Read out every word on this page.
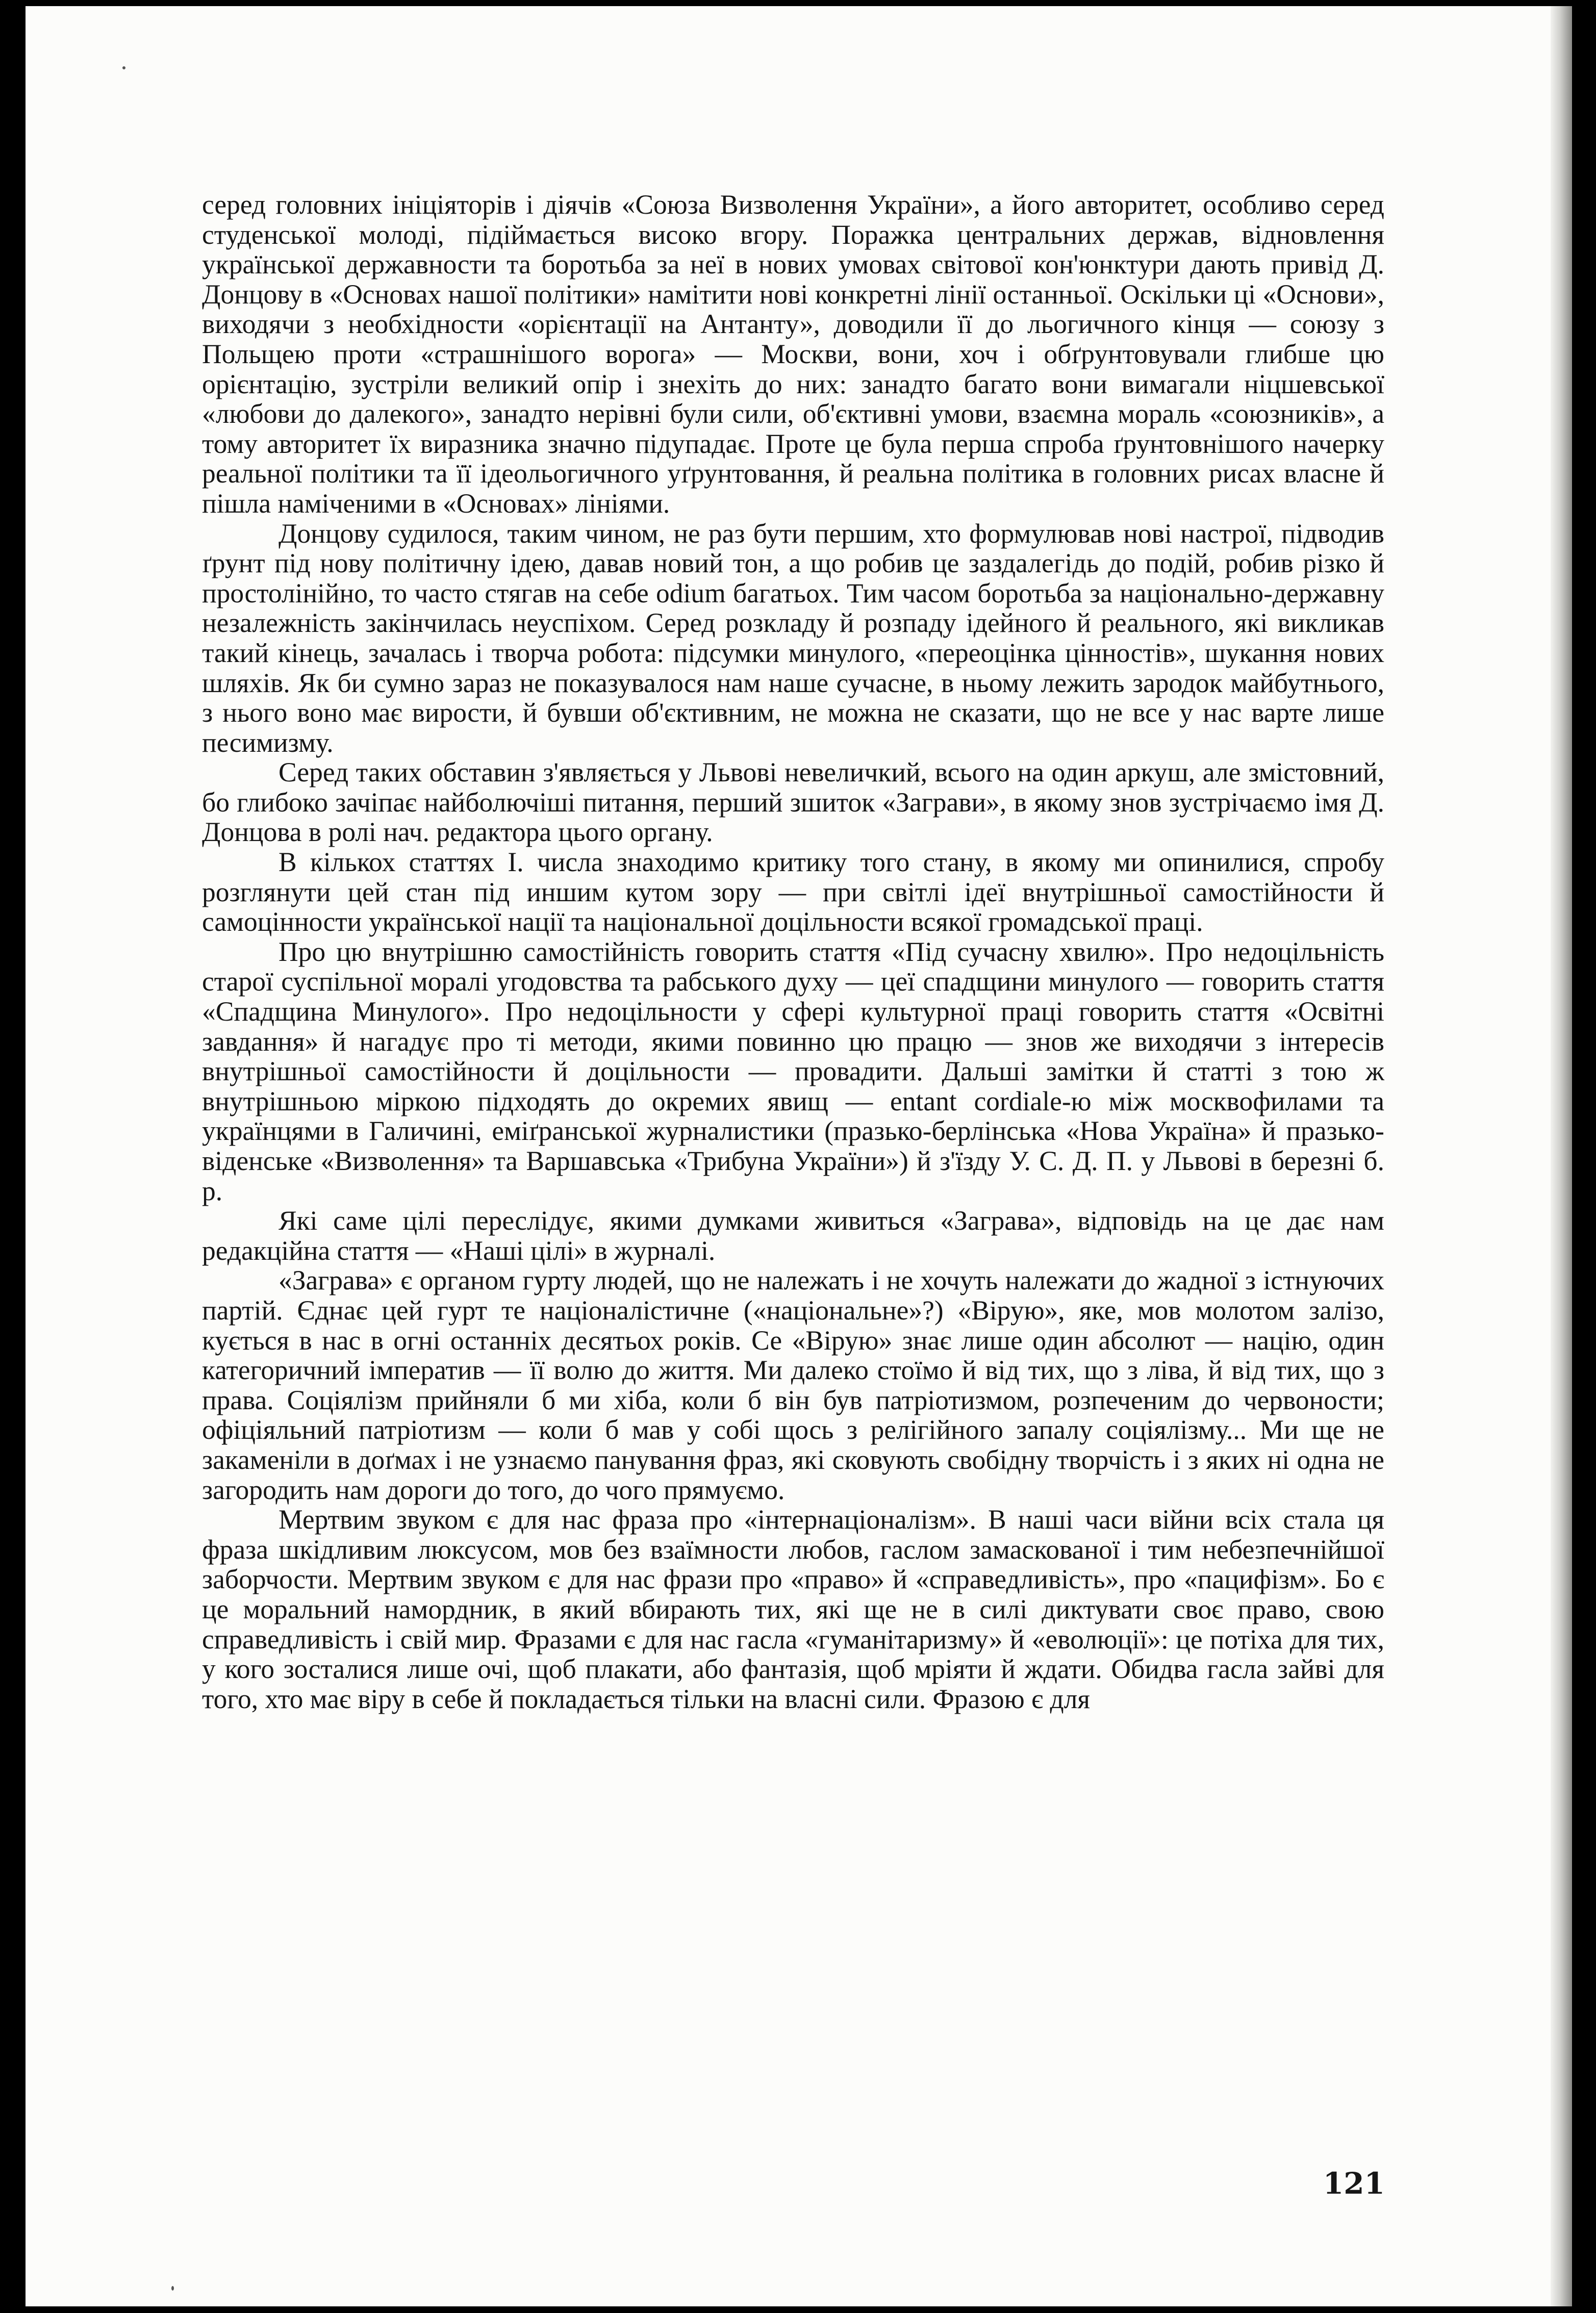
серед головних ініціяторів і діячів «Союза Визволення України», а його авторитет, особливо серед студенської молоді, підіймається високо вгору. Поражка центральних держав, відновлення української державности та боротьба за неї в нових умовах світової кон'юнктури дають привід Д. Донцову в «Основах нашої політики» намітити нові конкретні лінії останньої. Оскільки ці «Основи», виходячи з необхідности «орієнтації на Антанту», доводили її до льогичного кінця — союзу з Польщею проти «страшнішого ворога» — Москви, вони, хоч і обґрунтовували глибше цю орієнтацію, зустріли великий опір і знехіть до них: занадто багато вони вимагали ніцшевської «любови до далекого», занадто нерівні були сили, об'єктивні умови, взаємна мораль «союзників», а тому авторитет їх виразника значно підупадає. Проте це була перша спроба ґрунтовнішого начерку реальної політики та її ідеольогичного уґрунтовання, й реальна політика в головних рисах власне й пішла наміченими в «Основах» лініями.

Донцову судилося, таким чином, не раз бути першим, хто формулював нові настрої, підводив ґрунт під нову політичну ідею, давав новий тон, а що робив це заздалегідь до подій, робив різко й простолінійно, то часто стягав на себе odium багатьох. Тим часом боротьба за національно-державну незалежність закінчилась неуспіхом. Серед розкладу й розпаду ідейного й реального, які викликав такий кінець, зачалась і творча робота: підсумки минулого, «переоцінка цінностів», шукання нових шляхів. Як би сумно зараз не показувалося нам наше сучасне, в ньому лежить зародок майбутнього, з нього воно має вирости, й бувши об'єктивним, не можна не сказати, що не все у нас варте лише песимизму.

Серед таких обставин з'являється у Львові невеличкий, всього на один аркуш, але змістовний, бо глибоко зачіпає найболючіші питання, перший зшиток «Заграви», в якому знов зустрічаємо імя Д. Донцова в ролі нач. редактора цього органу.

В кількох статтях І. числа знаходимо критику того стану, в якому ми опинилися, спробу розглянути цей стан під иншим кутом зору — при світлі ідеї внутрішньої самостійности й самоцінности української нації та національної доцільности всякої громадської праці.

Про цю внутрішню самостійність говорить стаття «Під сучасну хвилю». Про недоцільність старої суспільної моралі угодовства та рабського духу — цеї спадщини минулого — говорить стаття «Спадщина Минулого». Про недоцільности у сфері культурної праці говорить стаття «Освітні завдання» й нагадує про ті методи, якими повинно цю працю — знов же виходячи з інтересів внутрішньої самостійности й доцільности — провадити. Дальші замітки й статті з тою ж внутрішньою міркою підходять до окремих явищ — entant cordiale-ю між москвофилами та українцями в Галичині, еміґранської журналистики (празько-берлінська «Нова Україна» й празько-віденське «Визволення» та Варшавська «Трибуна України») й з'їзду У. С. Д. П. у Львові в березні б. р.

Які саме цілі переслідує, якими думками живиться «Заграва», відповідь на це дає нам редакційна стаття — «Наші цілі» в журналі.

«Заграва» є органом гурту людей, що не належать і не хочуть належати до жадної з істнуючих партій. Єднає цей гурт те націоналістичне («національне»?) «Вірую», яке, мов молотом залізо, кується в нас в огні останніх десятьох років. Се «Вірую» знає лише один абсолют — націю, один категоричний імператив — її волю до життя. Ми далеко стоїмо й від тих, що з ліва, й від тих, що з права. Соціялізм прийняли б ми хіба, коли б він був патріотизмом, розпеченим до червоности; офіціяльний патріотизм — коли б мав у собі щось з релігійного запалу соціялізму... Ми ще не закаменіли в доґмах і не узнаємо панування фраз, які сковують свобідну творчість і з яких ні одна не загородить нам дороги до того, до чого прямуємо.

Мертвим звуком є для нас фраза про «інтернаціоналізм». В наші часи війни всіх стала ця фраза шкідливим люксусом, мов без взаїмности любов, гаслом замаскованої і тим небезпечнійшої заборчости. Мертвим звуком є для нас фрази про «право» й «справедливість», про «пацифізм». Бо є це моральний намордник, в який вбирають тих, які ще не в силі диктувати своє право, свою справедливість і свій мир. Фразами є для нас гасла «гуманітаризму» й «еволюції»: це потіха для тих, у кого зосталися лише очі, щоб плакати, або фантазія, щоб мріяти й ждати. Обидва гасла зайві для того, хто має віру в себе й покладається тільки на власні сили. Фразою є для

121
